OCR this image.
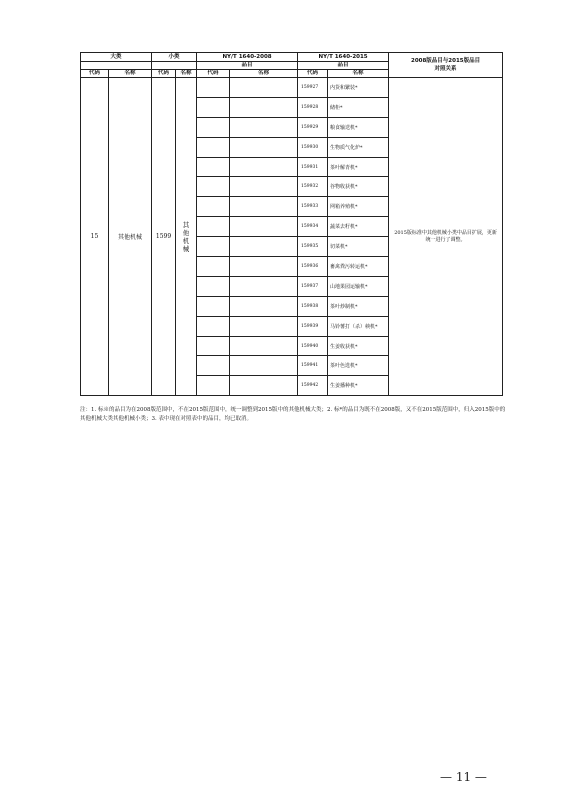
大类		小类		NY/T 1640-2008		NY/T 1640-2015		2008版品目与2015版品目
对照关系

				品目		品目		
代码	名称	代码	名称	代码	名称	代码	名称	
15	其他机械	1599	其他机械			159927	内货和繁装*	2015版标准中其他机械小类中品目扩展，更新统一进行了调整。
						159928	储柜*	
						159929	粮食输送机*	
						159930	生物质气化炉*	
						159931	茶叶解青机*	
						159932	谷物收获机*	
						159933	网箱养殖机*	
						159934	蔬菜去籽机*	
						159935	切菜机*	
						159936	畜禽粪污转运机*	
						159937	山地果园运输机*	
						159938	茶叶炒制机*	
						159939	马铃薯打（杀）秧机*	
						159940	生姜收获机*	
						159941	茶叶色选机*	
						159942	生姜播种机*	

注：1. 标※的品目为在2008版范围中，不在2015版范围中，统一调整到2015版中的其他机械大类；2. 标*的品目为既不在2008版，又不在2015版范围中，归入2015版中的其他机械大类其他机械小类；3. 表中现在对照表中的品目，均已取消。

— 11 —
